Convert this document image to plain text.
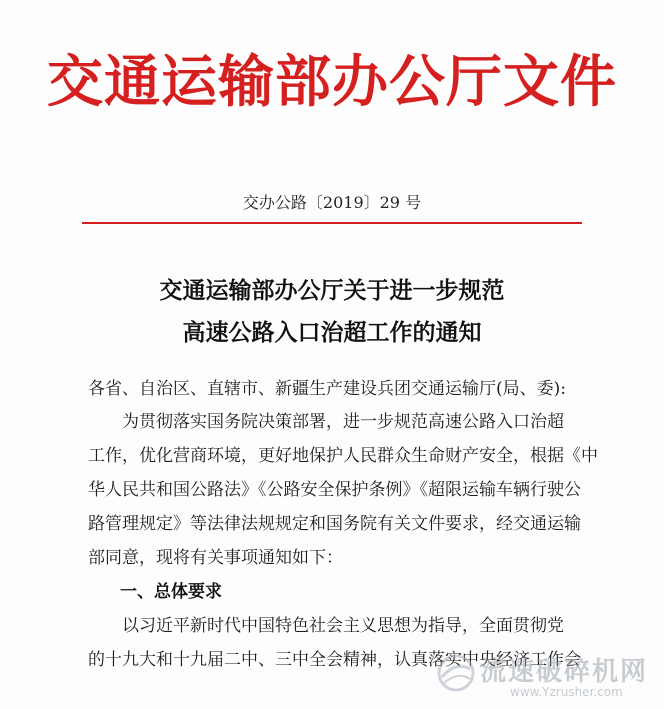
交通运输部办公厅文件
交办公路〔2019〕29 号
交通运输部办公厅关于进一步规范
高速公路入口治超工作的通知
各省、自治区、直辖市、新疆生产建设兵团交通运输厅(局、委):
　　为贯彻落实国务院决策部署，进一步规范高速公路入口治超
工作，优化营商环境，更好地保护人民群众生命财产安全，根据《中
华人民共和国公路法》《公路安全保护条例》《超限运输车辆行驶公
路管理规定》等法律法规规定和国务院有关文件要求，经交通运输
部同意，现将有关事项通知如下：
一、总体要求
　　以习近平新时代中国特色社会主义思想为指导，全面贯彻党
的十九大和十九届二中、三中全会精神，认真落实中央经济工作会
流速破碎机网
www.Yzrusher.com
